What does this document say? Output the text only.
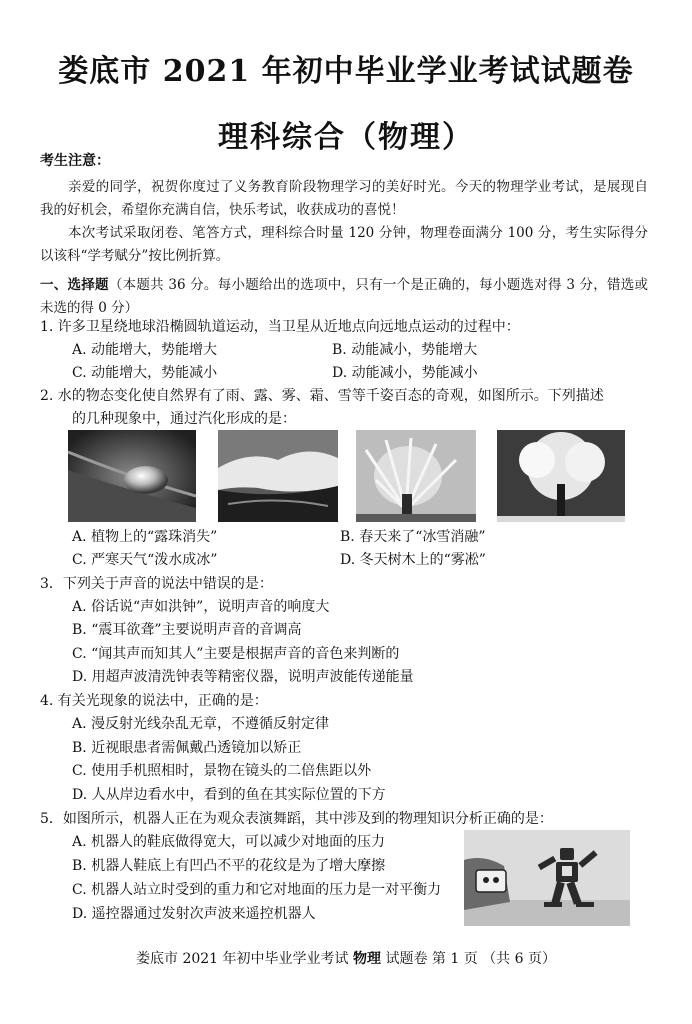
娄底市 2021 年初中毕业学业考试试题卷
理科综合（物理）
考生注意：
亲爱的同学，祝贺你度过了义务教育阶段物理学习的美好时光。今天的物理学业考试，是展现自我的好机会，希望你充满自信，快乐考试，收获成功的喜悦！
本次考试采取闭卷、笔答方式，理科综合时量 120 分钟，物理卷面满分 100 分，考生实际得分以该科“学考赋分”按比例折算。
一、选择题（本题共 36 分。每小题给出的选项中，只有一个是正确的，每小题选对得 3 分，错选或未选的得 0 分）
1. 许多卫星绕地球沿椭圆轨道运动，当卫星从近地点向远地点运动的过程中：
A. 动能增大，势能增大	B. 动能减小，势能增大
C. 动能增大，势能减小	D. 动能减小，势能减小
2. 水的物态变化使自然界有了雨、露、雾、霜、雪等千姿百态的奇观，如图所示。下列描述
的几种现象中，通过汽化形成的是：
A. 植物上的“露珠消失”	B. 春天来了“冰雪消融”
C. 严寒天气“泼水成冰”	D. 冬天树木上的“雾凇”
3．下列关于声音的说法中错误的是：
A. 俗话说“声如洪钟”，说明声音的响度大
B. “震耳欲聋”主要说明声音的音调高
C. “闻其声而知其人”主要是根据声音的音色来判断的
D. 用超声波清洗钟表等精密仪器，说明声波能传递能量
4. 有关光现象的说法中，正确的是：
A. 漫反射光线杂乱无章，不遵循反射定律
B. 近视眼患者需佩戴凸透镜加以矫正
C. 使用手机照相时，景物在镜头的二倍焦距以外
D. 人从岸边看水中，看到的鱼在其实际位置的下方
5．如图所示，机器人正在为观众表演舞蹈，其中涉及到的物理知识分析正确的是：
A. 机器人的鞋底做得宽大，可以减少对地面的压力
B. 机器人鞋底上有凹凸不平的花纹是为了增大摩擦
C. 机器人站立时受到的重力和它对地面的压力是一对平衡力
D. 遥控器通过发射次声波来遥控机器人
娄底市 2021 年初中毕业学业考试 物理 试题卷 第 1 页 （共 6 页）
